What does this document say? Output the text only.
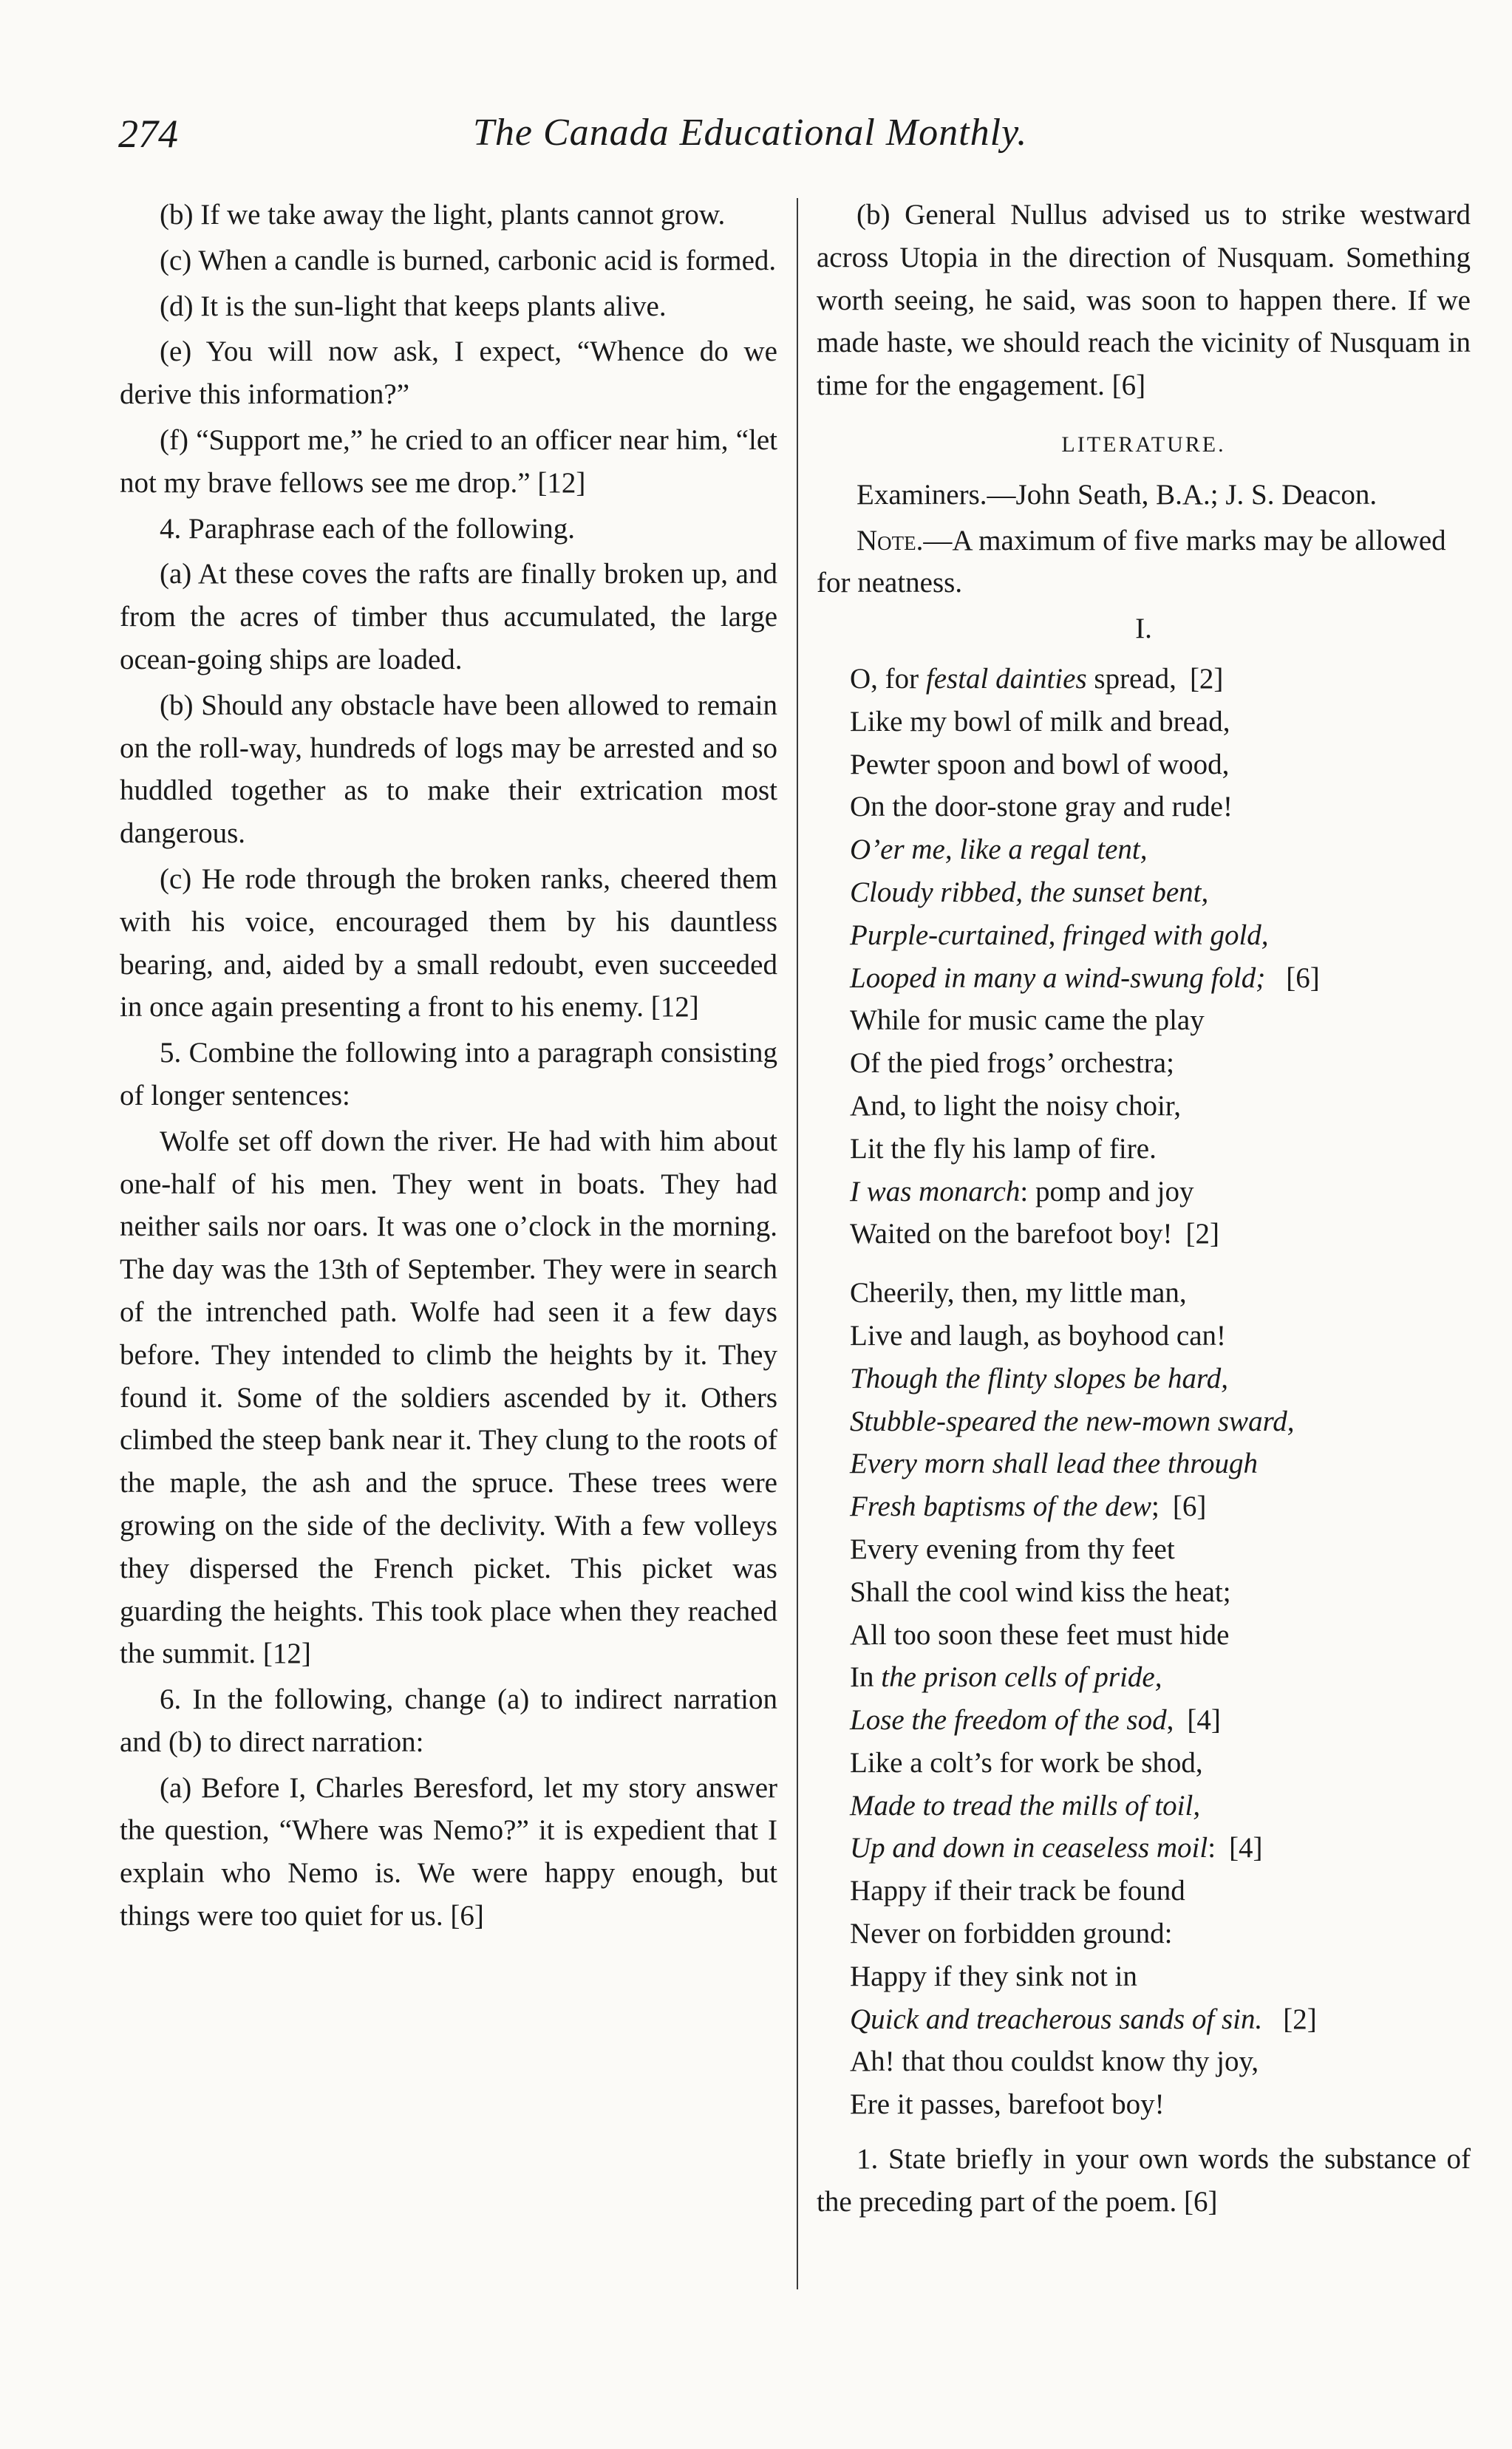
274	The Canada Educational Monthly.

(b) If we take away the light, plants cannot grow.

(c) When a candle is burned, carbonic acid is formed.

(d) It is the sun-light that keeps plants alive.

(e) You will now ask, I expect, “Whence do we derive this information?”

(f) “Support me,” he cried to an officer near him, “let not my brave fellows see me drop.” [12]

4. Paraphrase each of the following.

(a) At these coves the rafts are finally broken up, and from the acres of timber thus accumulated, the large ocean-going ships are loaded.

(b) Should any obstacle have been allowed to remain on the roll-way, hundreds of logs may be arrested and so huddled together as to make their extrication most dangerous.

(c) He rode through the broken ranks, cheered them with his voice, encouraged them by his dauntless bearing, and, aided by a small redoubt, even succeeded in once again presenting a front to his enemy. [12]

5. Combine the following into a paragraph consisting of longer sentences:

Wolfe set off down the river. He had with him about one-half of his men. They went in boats. They had neither sails nor oars. It was one o’clock in the morning. The day was the 13th of September. They were in search of the intrenched path. Wolfe had seen it a few days before. They intended to climb the heights by it. They found it. Some of the soldiers ascended by it. Others climbed the steep bank near it. They clung to the roots of the maple, the ash and the spruce. These trees were growing on the side of the declivity. With a few volleys they dispersed the French picket. This picket was guarding the heights. This took place when they reached the summit. [12]

6. In the following, change (a) to indirect narration and (b) to direct narration:

(a) Before I, Charles Beresford, let my story answer the question, “Where was Nemo?” it is expedient that I explain who Nemo is. We were happy enough, but things were too quiet for us. [6]

(b) General Nullus advised us to strike westward across Utopia in the direction of Nusquam. Something worth seeing, he said, was soon to happen there. If we made haste, we should reach the vicinity of Nusquam in time for the engagement. [6]

LITERATURE.

Examiners.—John Seath, B.A.; J. S. Deacon.

Note.—A maximum of five marks may be allowed for neatness.

I.
O, for festal dainties spread, [2]
Like my bowl of milk and bread,
Pewter spoon and bowl of wood,
On the door-stone gray and rude!
O’er me, like a regal tent,
Cloudy ribbed, the sunset bent,
Purple-curtained, fringed with gold,
Looped in many a wind-swung fold; [6]
While for music came the play
Of the pied frogs’ orchestra;
And, to light the noisy choir,
Lit the fly his lamp of fire.
I was monarch: pomp and joy
Waited on the barefoot boy! [2]
Cheerily, then, my little man,
Live and laugh, as boyhood can!
Though the flinty slopes be hard,
Stubble-speared the new-mown sward,
Every morn shall lead thee through
Fresh baptisms of the dew; [6]
Every evening from thy feet
Shall the cool wind kiss the heat;
All too soon these feet must hide
In the prison cells of pride,
Lose the freedom of the sod, [4]
Like a colt’s for work be shod,
Made to tread the mills of toil,
Up and down in ceaseless moil: [4]
Happy if their track be found
Never on forbidden ground:
Happy if they sink not in
Quick and treacherous sands of sin. [2]
Ah! that thou couldst know thy joy,
Ere it passes, barefoot boy!

1. State briefly in your own words the substance of the preceding part of the poem. [6]
